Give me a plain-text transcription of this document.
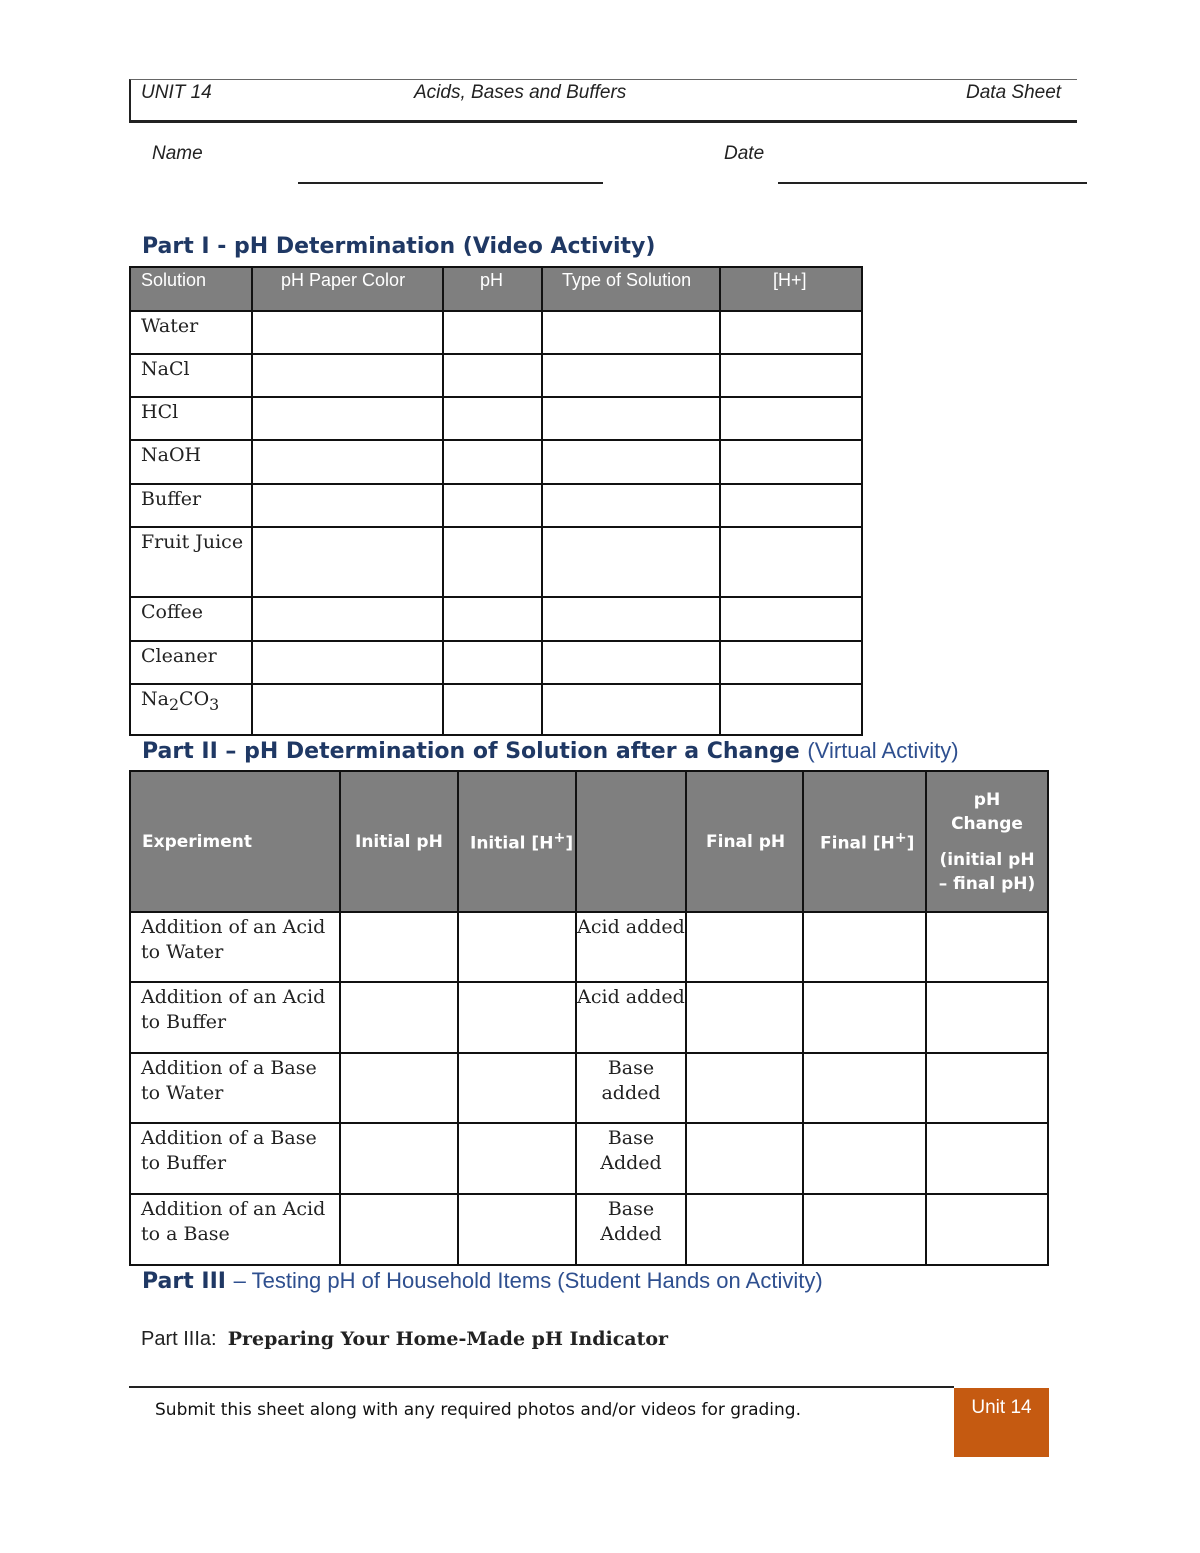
UNIT 14	Acids, Bases and Buffers	Data Sheet
Name	Date
Part I - pH Determination (Video Activity)
Solution	pH Paper Color	pH	Type of Solution	[H+]
Water				
NaCl				
HCl				
NaOH				
Buffer				
Fruit Juice				
Coffee				
Cleaner				
$Na_2CO_3$				
Part II – pH Determination of Solution after a Change (Virtual Activity)
Experiment	Initial pH	Initial [H+]		Final pH	Final [H+]	pH Change
(initial pH – final pH)

Addition of an Acid to Water			Acid added			
Addition of an Acid to Buffer			Acid added			
Addition of a Base to Water			Base added			
Addition of a Base to Buffer			Base Added			
Addition of an Acid to a Base			Base Added			
Part III – Testing pH of Household Items (Student Hands on Activity)
Part IIIa: Preparing Your Home-Made pH Indicator
Submit this sheet along with any required photos and/or videos for grading.	Unit 14
